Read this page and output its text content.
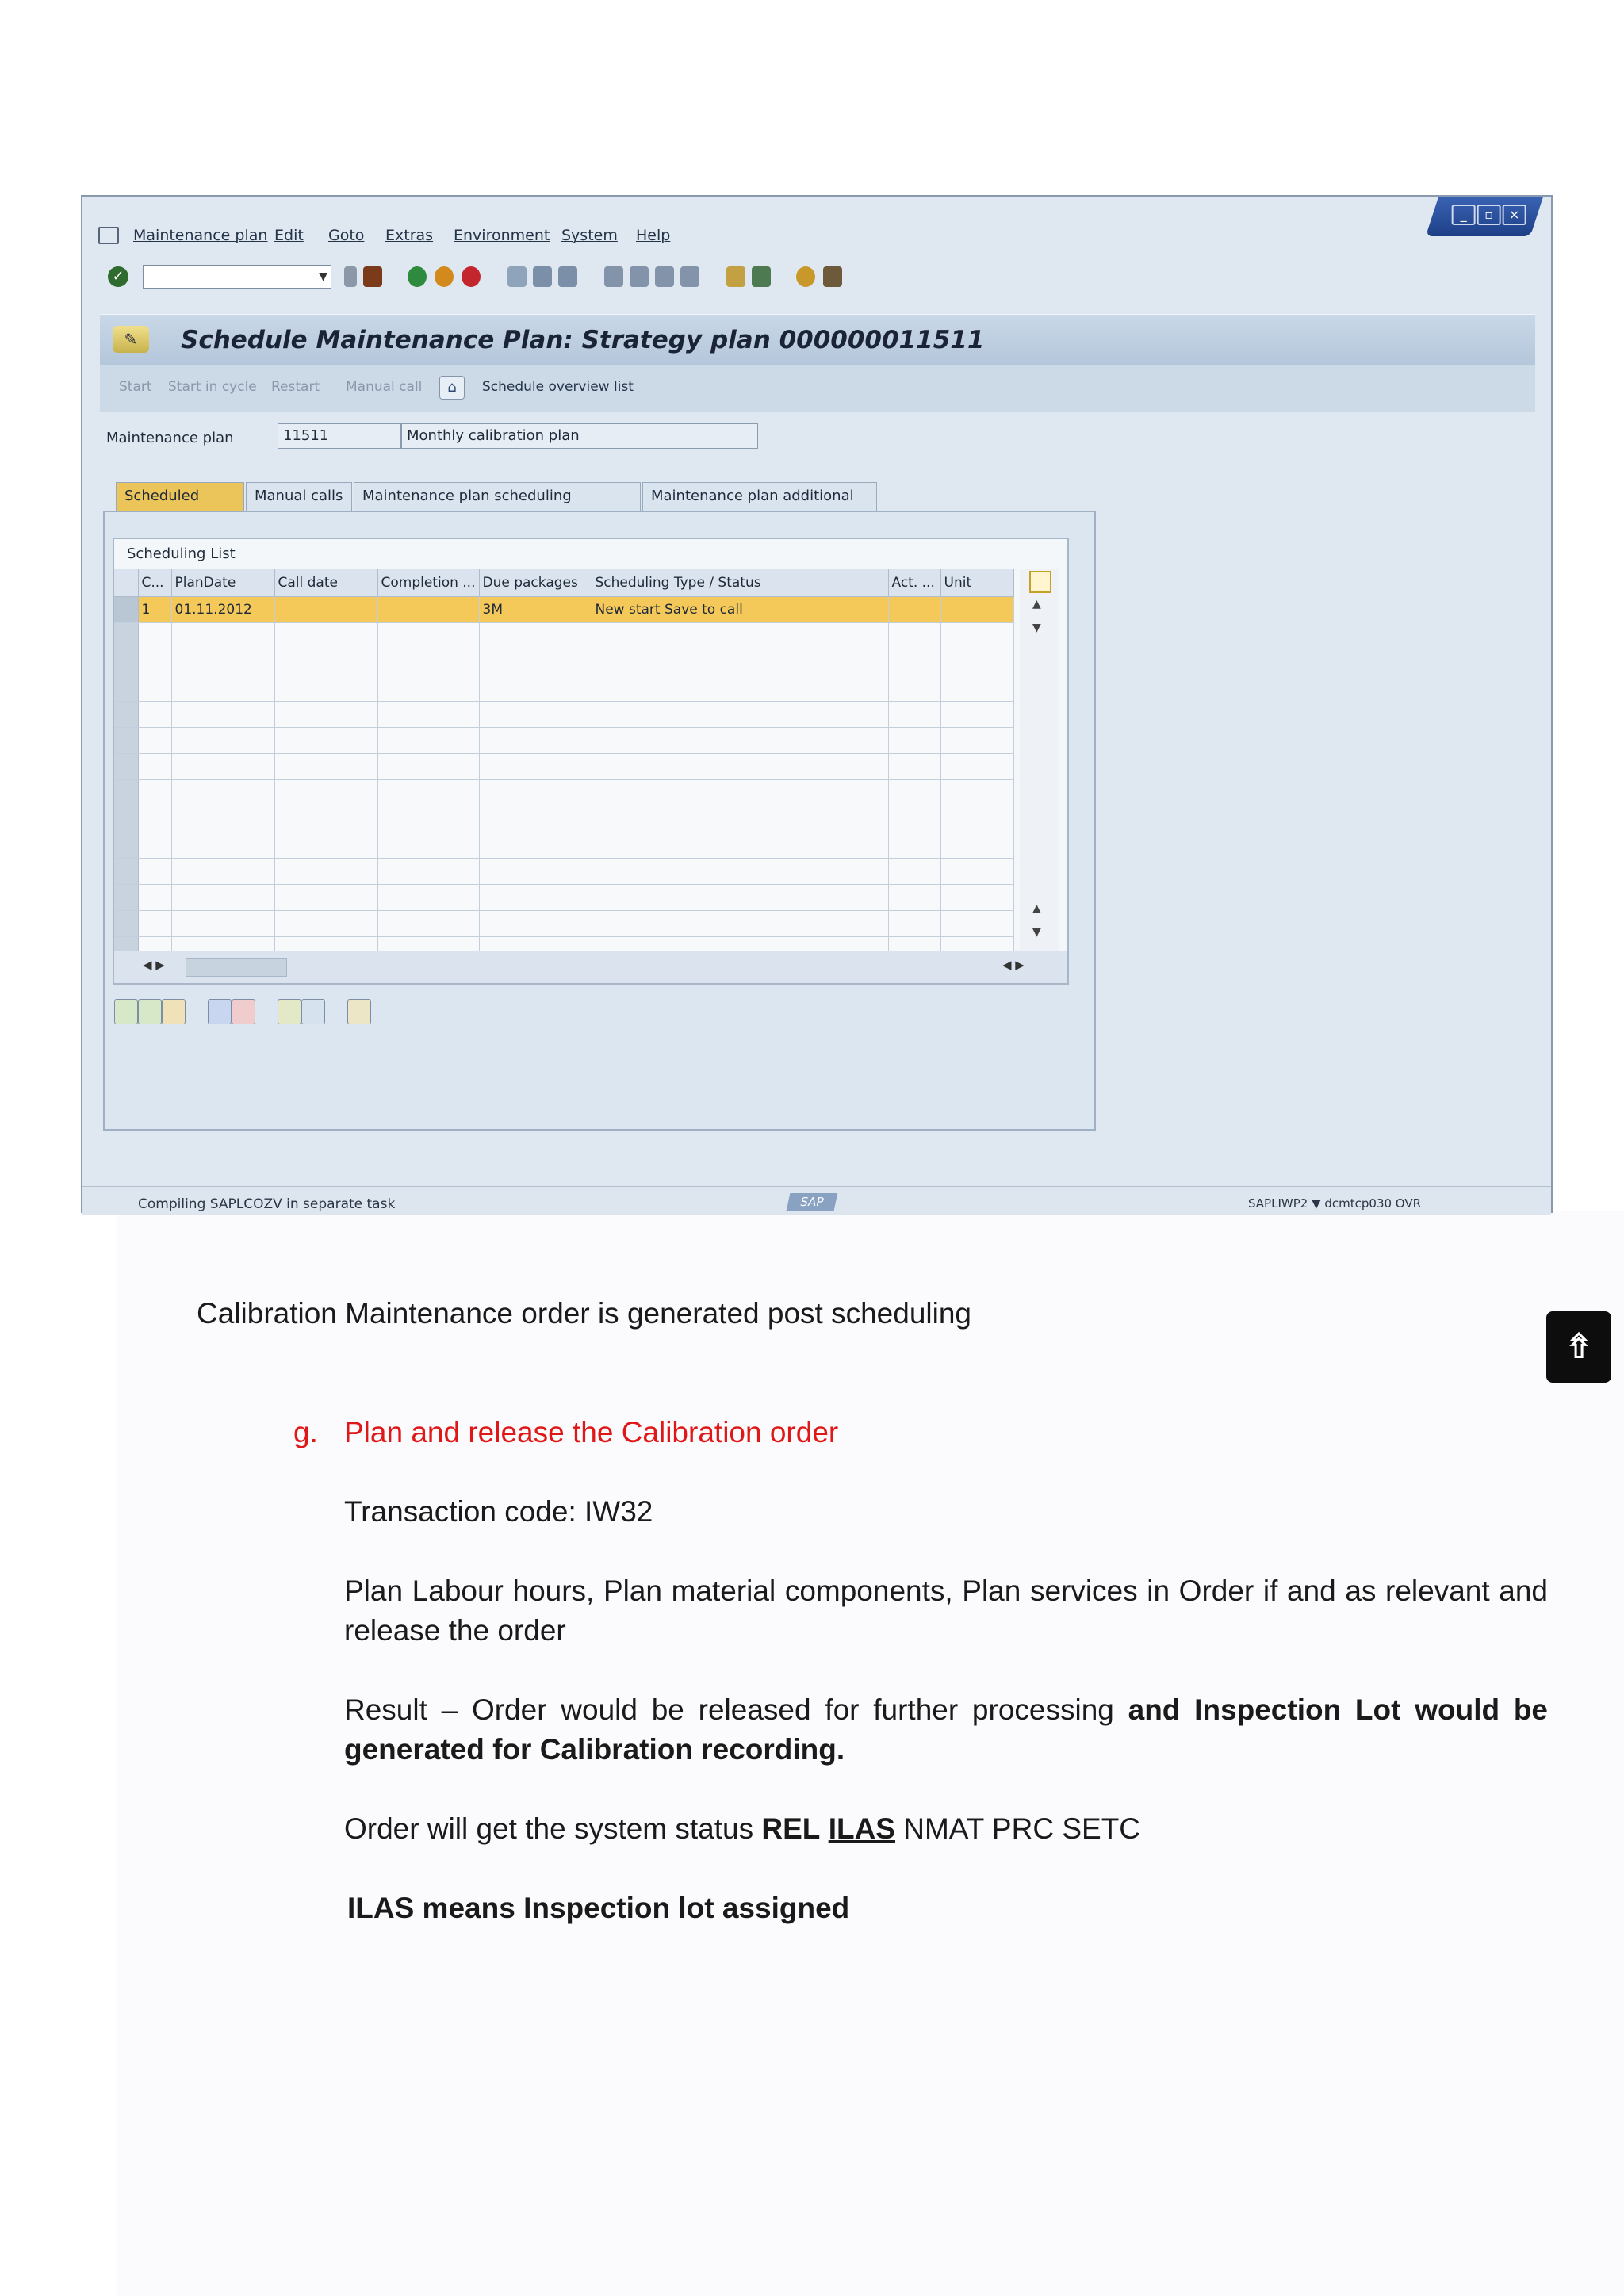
_	▫	×
Maintenance plan Edit Goto Extras Environment System Help
✓	▼
✎	Schedule Maintenance Plan: Strategy plan 000000011511
Start Start in cycle Restart Manual call	⌂	Schedule overview list
Maintenance plan	11511	Monthly calibration plan
Scheduled	Manual calls	Maintenance plan scheduling	Maintenance plan additional
Scheduling List
	C...	PlanDate	Call date	Completion ...	Due packages	Scheduling Type / Status	Act. ...	Unit
	1	01.11.2012			3M	New start Save to call		

									▲
▼
▲
▼
◀ ▶	◀ ▶
⇮
Compiling SAPLCOZV in separate task	SAP	SAPLIWP2 ▼ dcmtcp030 OVR
Calibration Maintenance order is generated post scheduling
g. Plan and release the Calibration order
Transaction code: IW32
Plan Labour hours, Plan material components, Plan services in Order if and as relevant and release the order
Result – Order would be released for further processing and Inspection Lot would be generated for Calibration recording.
Order will get the system status REL ILAS NMAT PRC SETC
ILAS means Inspection lot assigned
